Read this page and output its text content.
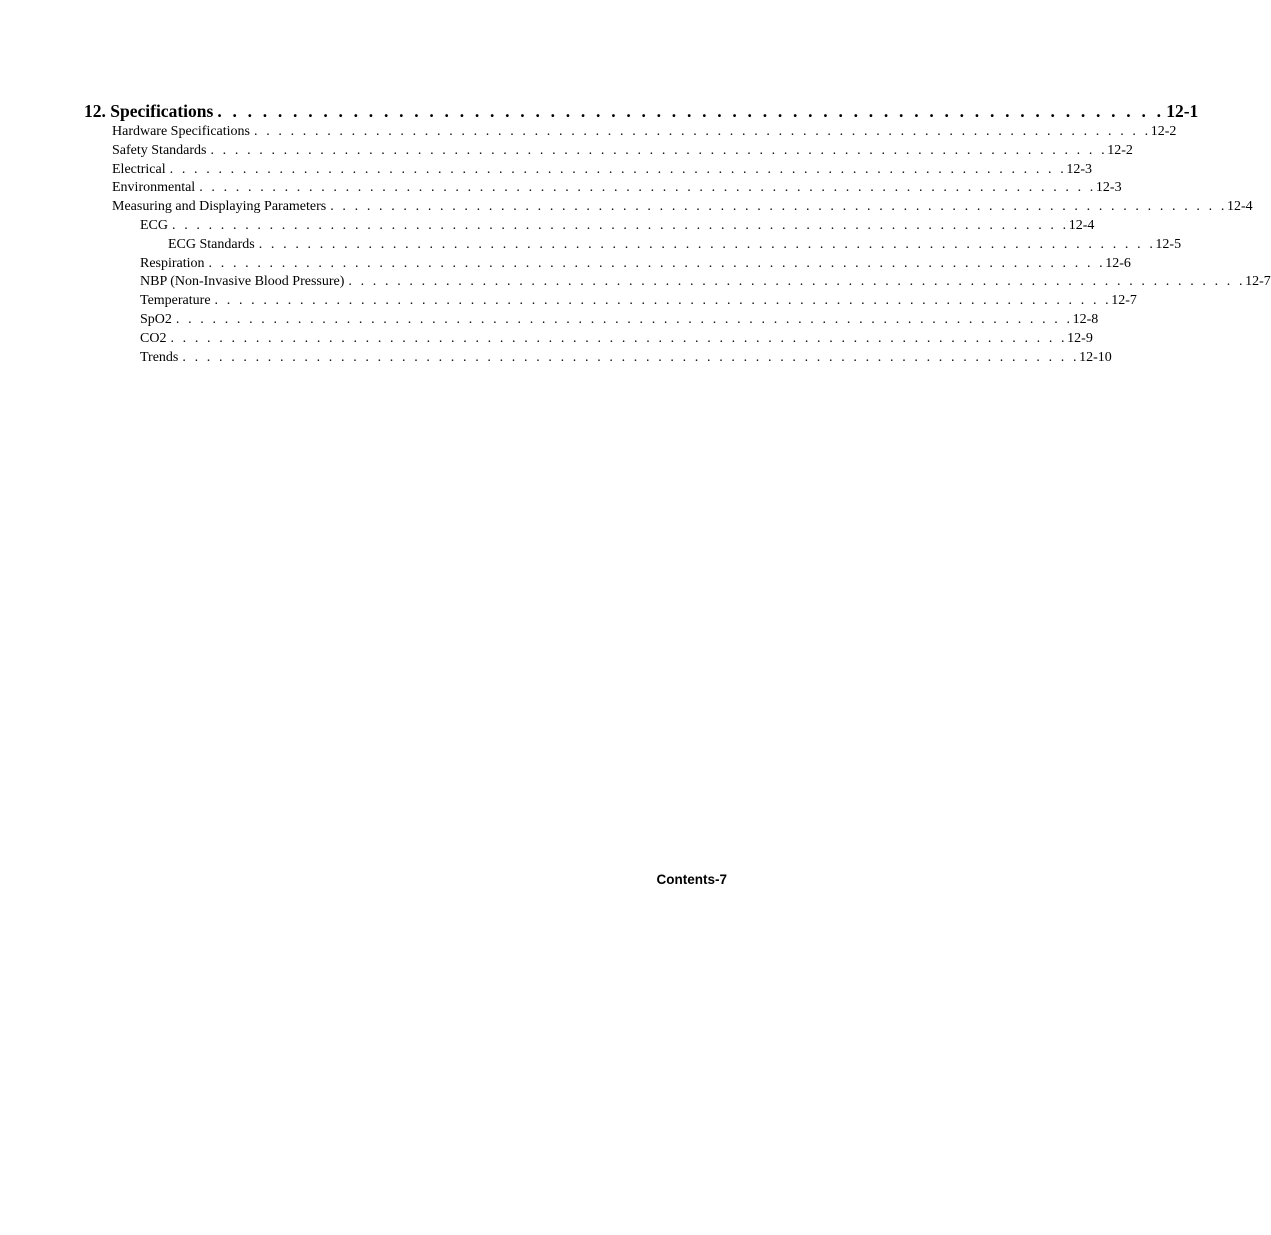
12. Specifications . . . . . . . . . . . . . . . . . . . . . . . . . . . . . . . . . . . . . . . . . . . . . . . . . . . . . . . . . . . . . . . 12-1
Hardware Specifications . . . . . . . . . . . . . . . . . . . . . . . . . . . . . . . . . . . . . . . . . . . . . . . . . . . . . . . . . . . . . . . . . . . . . . . . . . 12-2
Safety Standards . . . . . . . . . . . . . . . . . . . . . . . . . . . . . . . . . . . . . . . . . . . . . . . . . . . . . . . . . . . . . . . . . . . . . . . . . . 12-2
Electrical . . . . . . . . . . . . . . . . . . . . . . . . . . . . . . . . . . . . . . . . . . . . . . . . . . . . . . . . . . . . . . . . . . . . . . . . . . 12-3
Environmental . . . . . . . . . . . . . . . . . . . . . . . . . . . . . . . . . . . . . . . . . . . . . . . . . . . . . . . . . . . . . . . . . . . . . . . . . . 12-3
Measuring and Displaying Parameters . . . . . . . . . . . . . . . . . . . . . . . . . . . . . . . . . . . . . . . . . . . . . . . . . . . . . . . . . . . . . . . . . . . . . . . . . . 12-4
ECG . . . . . . . . . . . . . . . . . . . . . . . . . . . . . . . . . . . . . . . . . . . . . . . . . . . . . . . . . . . . . . . . . . . . . . . . . . 12-4
ECG Standards . . . . . . . . . . . . . . . . . . . . . . . . . . . . . . . . . . . . . . . . . . . . . . . . . . . . . . . . . . . . . . . . . . . . . . . . . . 12-5
Respiration . . . . . . . . . . . . . . . . . . . . . . . . . . . . . . . . . . . . . . . . . . . . . . . . . . . . . . . . . . . . . . . . . . . . . . . . . . 12-6
NBP (Non-Invasive Blood Pressure) . . . . . . . . . . . . . . . . . . . . . . . . . . . . . . . . . . . . . . . . . . . . . . . . . . . . . . . . . . . . . . . . . . . . . . . . . . 12-7
Temperature . . . . . . . . . . . . . . . . . . . . . . . . . . . . . . . . . . . . . . . . . . . . . . . . . . . . . . . . . . . . . . . . . . . . . . . . . . 12-7
SpO2 . . . . . . . . . . . . . . . . . . . . . . . . . . . . . . . . . . . . . . . . . . . . . . . . . . . . . . . . . . . . . . . . . . . . . . . . . . 12-8
CO2 . . . . . . . . . . . . . . . . . . . . . . . . . . . . . . . . . . . . . . . . . . . . . . . . . . . . . . . . . . . . . . . . . . . . . . . . . . 12-9
Trends . . . . . . . . . . . . . . . . . . . . . . . . . . . . . . . . . . . . . . . . . . . . . . . . . . . . . . . . . . . . . . . . . . . . . . . . . . 12-10
Contents-7
